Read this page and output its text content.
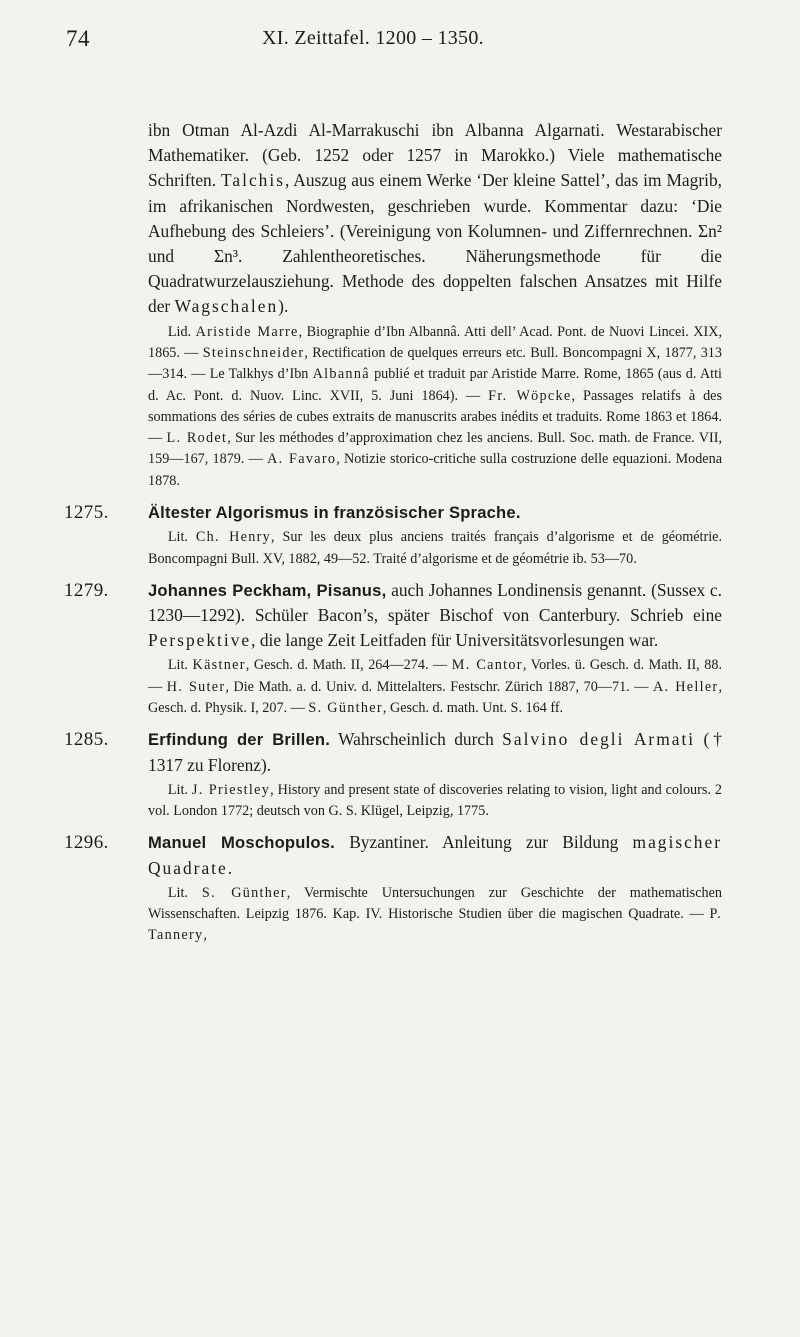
74	XI. Zeittafel. 1200 – 1350.

ibn Otman Al-Azdi Al-Marrakuschi ibn Albanna Algarnati. Westarabischer Mathematiker. (Geb. 1252 oder 1257 in Marokko.) Viele mathematische Schriften. Talchis, Auszug aus einem Werke ‘Der kleine Sattel’, das im Magrib, im afrikanischen Nordwesten, geschrieben wurde. Kommentar dazu: ‘Die Aufhebung des Schleiers’. (Vereinigung von Kolumnen- und Ziffernrechnen. Σn² und Σn³. Zahlentheoretisches. Näherungsmethode für die Quadratwurzelausziehung. Methode des doppelten falschen Ansatzes mit Hilfe der Wagschalen).

Lid. Aristide Marre, Biographie d’Ibn Albannâ. Atti dell’ Acad. Pont. de Nuovi Lincei. XIX, 1865. — Steinschneider, Rectification de quelques erreurs etc. Bull. Boncompagni X, 1877, 313—314. — Le Talkhys d’Ibn Albannâ publié et traduit par Aristide Marre. Rome, 1865 (aus d. Atti d. Ac. Pont. d. Nuov. Linc. XVII, 5. Juni 1864). — Fr. Wöpcke, Passages relatifs à des sommations des séries de cubes extraits de manuscrits arabes inédits et traduits. Rome 1863 et 1864. — L. Rodet, Sur les méthodes d’approximation chez les anciens. Bull. Soc. math. de France. VII, 159—167, 1879. — A. Favaro, Notizie storico-critiche sulla costruzione delle equazioni. Modena 1878.

1275. Ältester Algorismus in französischer Sprache.

Lit. Ch. Henry, Sur les deux plus anciens traités français d’algorisme et de géométrie. Boncompagni Bull. XV, 1882, 49—52. Traité d’algorisme et de géométrie ib. 53—70.

1279. Johannes Peckham, Pisanus, auch Johannes Londinensis genannt. (Sussex c. 1230—1292). Schüler Bacon’s, später Bischof von Canterbury. Schrieb eine Perspektive, die lange Zeit Leitfaden für Universitätsvorlesungen war.

Lit. Kästner, Gesch. d. Math. II, 264—274. — M. Cantor, Vorles. ü. Gesch. d. Math. II, 88. — H. Suter, Die Math. a. d. Univ. d. Mittelalters. Festschr. Zürich 1887, 70—71. — A. Heller, Gesch. d. Physik. I, 207. — S. Günther, Gesch. d. math. Unt. S. 164 ff.

1285. Erfindung der Brillen. Wahrscheinlich durch Salvino degli Armati († 1317 zu Florenz).

Lit. J. Priestley, History and present state of discoveries relating to vision, light and colours. 2 vol. London 1772; deutsch von G. S. Klügel, Leipzig, 1775.

1296. Manuel Moschopulos. Byzantiner. Anleitung zur Bildung magischer Quadrate.

Lit. S. Günther, Vermischte Untersuchungen zur Geschichte der mathematischen Wissenschaften. Leipzig 1876. Kap. IV. Historische Studien über die magischen Quadrate. — P. Tannery,
